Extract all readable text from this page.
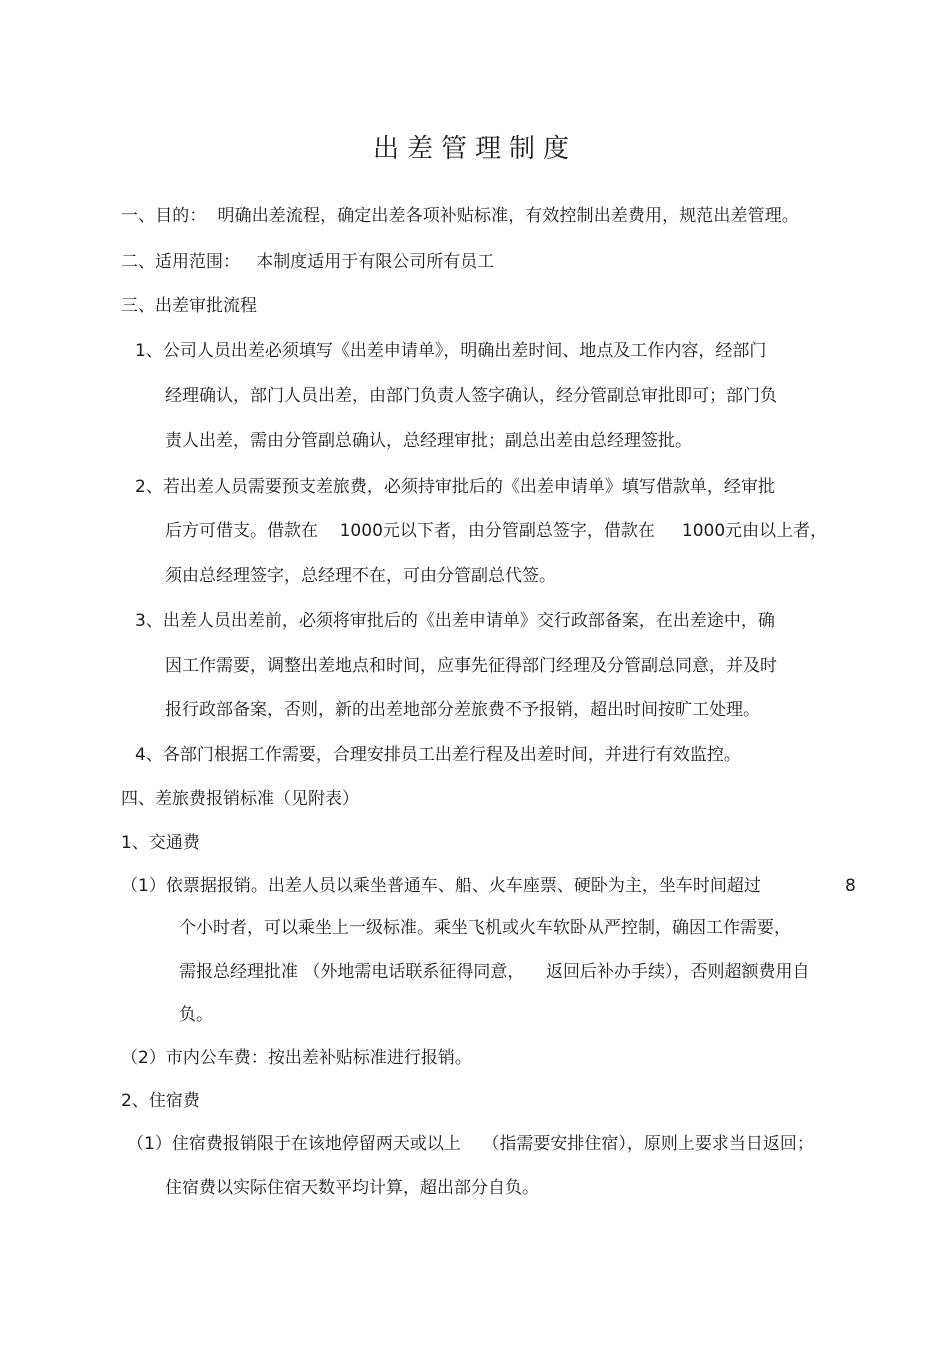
出差管理制度
一、目的：  明确出差流程，确定出差各项补贴标准，有效控制出差费用，规范出差管理。
二、适用范围：   本制度适用于有限公司所有员工
三、出差审批流程
1、公司人员出差必须填写《出差申请单》，明确出差时间、地点及工作内容，经部门
经理确认，部门人员出差，由部门负责人签字确认，经分管副总审批即可；部门负
责人出差，需由分管副总确认，总经理审批；副总出差由总经理签批。
2、若出差人员需要预支差旅费，必须持审批后的《出差申请单》填写借款单，经审批
后方可借支。借款在    1000元以下者，由分管副总签字，借款在     1000元由以上者，
须由总经理签字，总经理不在，可由分管副总代签。
3、出差人员出差前，必须将审批后的《出差申请单》交行政部备案，在出差途中，确
因工作需要，调整出差地点和时间，应事先征得部门经理及分管副总同意，并及时
报行政部备案，否则，新的出差地部分差旅费不予报销，超出时间按旷工处理。
4、各部门根据工作需要，合理安排员工出差行程及出差时间，并进行有效监控。
四、差旅费报销标准（见附表）
1、交通费
（1）依票据报销。出差人员以乘坐普通车、船、火车座票、硬卧为主，坐车时间超过	8
个小时者，可以乘坐上一级标准。乘坐飞机或火车软卧从严控制，确因工作需要，
需报总经理批准 （外地需电话联系征得同意，    返回后补办手续），否则超额费用自
负。
（2）市内公车费：按出差补贴标准进行报销。
2、住宿费
（1）住宿费报销限于在该地停留两天或以上    （指需要安排住宿），原则上要求当日返回；
住宿费以实际住宿天数平均计算，超出部分自负。
